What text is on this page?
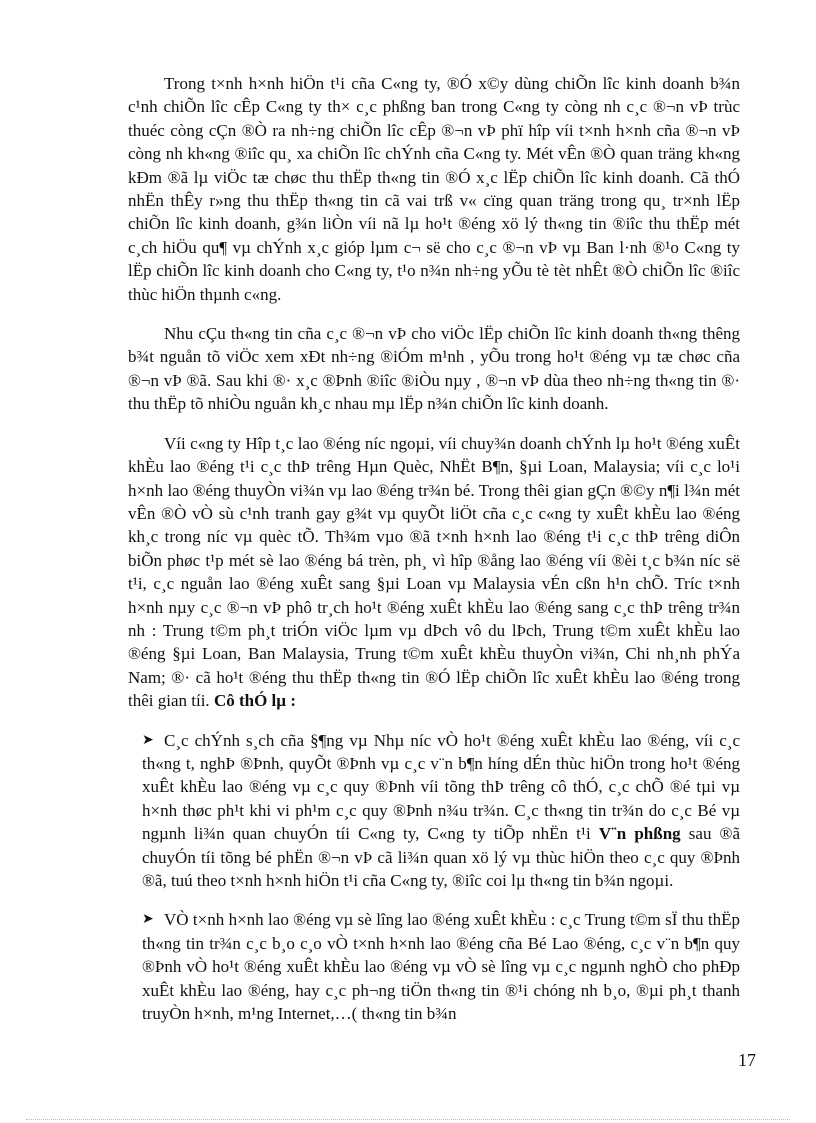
Trong t×nh h×nh hiÖn t¹i cña C«ng ty, ®Ó x©y dùng chiÕn lîc kinh doanh b¾n c¹nh chiÕn lîc cÊp C«ng ty th× c¸c phßng ban trong C«ng ty còng nh c¸c ®¬n vÞ trùc thuéc còng cÇn ®Ò ra nh÷ng chiÕn lîc cÊp ®¬n vÞ phï hîp víi t×nh h×nh cña ®¬n vÞ còng nh kh«ng ®iîc qu¸ xa chiÕn lîc chÝnh cña C«ng ty. Mét vÊn ®Ò quan träng kh«ng kÐm ®ã lµ viÖc tæ chøc thu thËp th«ng tin ®Ó x¸c lËp chiÕn lîc kinh doanh. Cã thÓ nhËn thÊy r»ng thu thËp th«ng tin cã vai trß v« cïng quan träng trong qu¸ tr×nh lËp chiÕn lîc kinh doanh, g¾n liÒn víi nã lµ ho¹t ®éng xö lý th«ng tin ®iîc thu thËp mét c¸ch hiÖu qu¶ vµ chÝnh x¸c gióp lµm c¬ së cho c¸c ®¬n vÞ vµ Ban l·nh ®¹o C«ng ty lËp chiÕn lîc kinh doanh cho C«ng ty, t¹o n¾n nh÷ng yÕu tè tèt nhÊt ®Ò chiÕn lîc ®iîc thùc hiÖn thµnh c«ng.

Nhu cÇu th«ng tin cña c¸c ®¬n vÞ cho viÖc lËp chiÕn lîc kinh doanh th«ng thêng b¾t nguån tõ viÖc xem xÐt nh÷ng ®iÓm m¹nh , yÕu trong ho¹t ®éng vµ tæ chøc cña ®¬n vÞ ®ã. Sau khi ®· x¸c ®Þnh ®iîc ®iÒu nµy , ®¬n vÞ dùa theo nh÷ng th«ng tin ®· thu thËp tõ nhiÒu nguån kh¸c nhau mµ lËp n¾n chiÕn lîc kinh doanh.

Víi c«ng ty Hîp t¸c lao ®éng níc ngoµi, víi chuy¾n doanh chÝnh lµ ho¹t ®éng xuÊt khÈu lao ®éng t¹i c¸c thÞ trêng Hµn Quèc, NhËt B¶n, §µi Loan, Malaysia; víi c¸c lo¹i h×nh lao ®éng thuyÒn vi¾n vµ lao ®éng tr¾n bé. Trong thêi gian gÇn ®©y n¶i l¾n mét vÊn ®Ò vÒ sù c¹nh tranh gay g¾t vµ quyÕt liÖt cña c¸c c«ng ty xuÊt khÈu lao ®éng kh¸c trong níc vµ quèc tÕ. Th¾m vµo ®ã t×nh h×nh lao ®éng t¹i c¸c thÞ trêng diÔn biÕn phøc t¹p mét sè lao ®éng bá trèn, ph¸ vì hîp ®ång lao ®éng víi ®èi t¸c b¾n níc së t¹i, c¸c nguån lao ®éng xuÊt sang §µi Loan vµ Malaysia vÉn cßn h¹n chÕ. Tríc t×nh h×nh nµy c¸c ®¬n vÞ phô tr¸ch ho¹t ®éng xuÊt khÈu lao ®éng sang c¸c thÞ trêng tr¾n nh : Trung t©m ph¸t triÓn viÖc lµm vµ dÞch vô du lÞch, Trung t©m xuÊt khÈu lao ®éng §µi Loan, Ban Malaysia, Trung t©m xuÊt khÈu thuyÒn vi¾n, Chi nh¸nh phÝa Nam; ®· cã ho¹t ®éng thu thËp th«ng tin ®Ó lËp chiÕn lîc xuÊt khÈu lao ®éng trong thêi gian tíi. Cô thÓ lµ :

➤ C¸c chÝnh s¸ch cña §¶ng vµ Nhµ níc vÒ ho¹t ®éng xuÊt khÈu lao ®éng, víi c¸c th«ng t, nghÞ ®Þnh, quyÕt ®Þnh vµ c¸c v¨n b¶n híng dÉn thùc hiÖn trong ho¹t ®éng xuÊt khÈu lao ®éng vµ c¸c quy ®Þnh víi tõng thÞ trêng cô thÓ, c¸c chÕ ®é tµi vµ h×nh thøc ph¹t khi vi ph¹m c¸c quy ®Þnh n¾u tr¾n. C¸c th«ng tin tr¾n do c¸c Bé vµ ngµnh li¾n quan chuyÓn tíi C«ng ty, C«ng ty tiÕp nhËn t¹i V¨n phßng sau ®ã chuyÓn tíi tõng bé phËn ®¬n vÞ cã li¾n quan xö lý vµ thùc hiÖn theo c¸c quy ®Þnh ®ã, tuú theo t×nh h×nh hiÖn t¹i cña C«ng ty, ®iîc coi lµ th«ng tin b¾n ngoµi.
➤ VÒ t×nh h×nh lao ®éng vµ sè lîng lao ®éng xuÊt khÈu : c¸c Trung t©m sÏ thu thËp th«ng tin tr¾n c¸c b¸o c¸o vÒ t×nh h×nh lao ®éng cña Bé Lao ®éng, c¸c v¨n b¶n quy ®Þnh vÒ ho¹t ®éng xuÊt khÈu lao ®éng vµ vÒ sè lîng vµ c¸c ngµnh nghÒ cho phÐp xuÊt khÈu lao ®éng, hay c¸c ph¬ng tiÖn th«ng tin ®¹i chóng nh b¸o, ®µi ph¸t thanh truyÒn h×nh, m¹ng Internet,…( th«ng tin b¾n
17
